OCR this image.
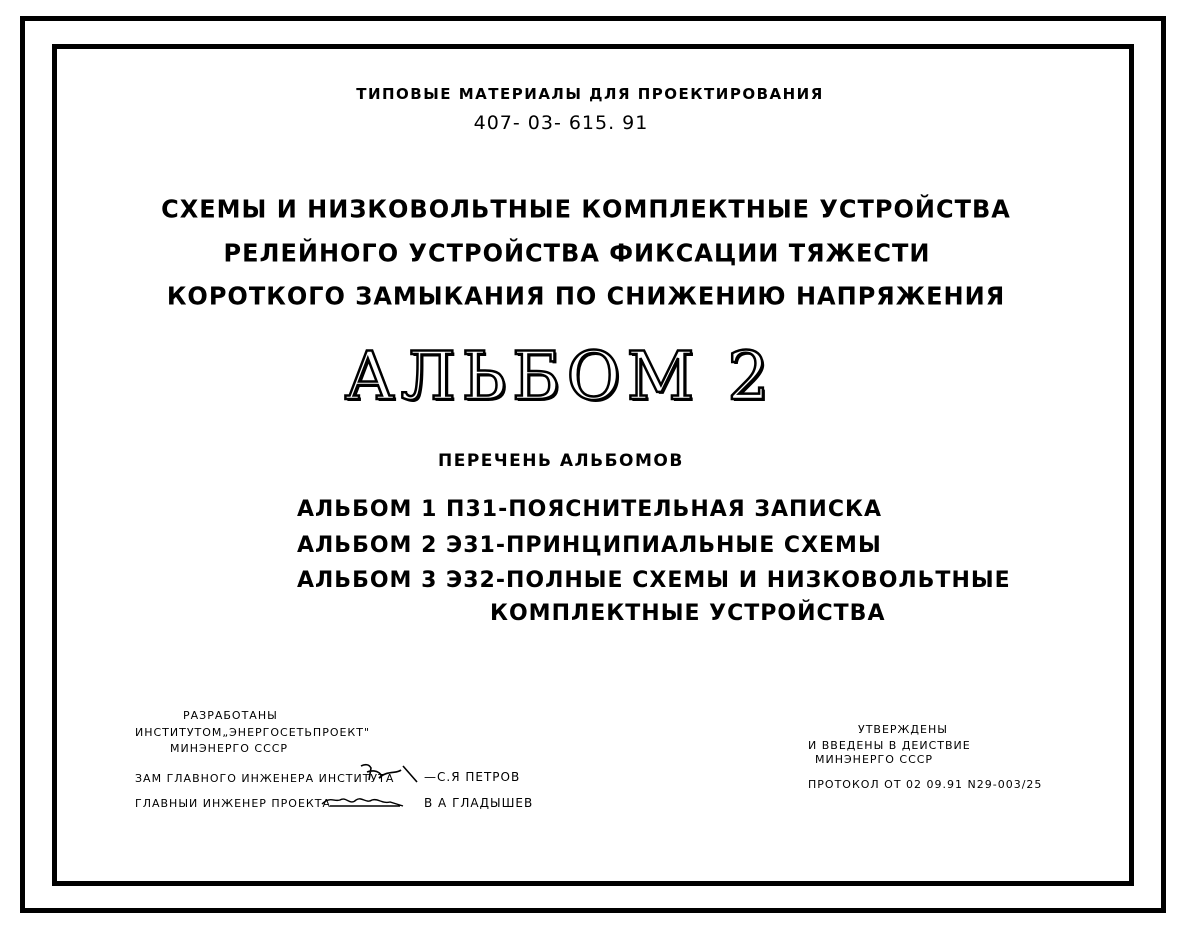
ТИПОВЫЕ МАТЕРИАЛЫ ДЛЯ ПРОЕКТИРОВАНИЯ
407- 03- 615. 91
СХЕМЫ И НИЗКОВОЛЬТНЫЕ КОМПЛЕКТНЫЕ УСТРОЙСТВА
РЕЛЕЙНОГО УСТРОЙСТВА ФИКСАЦИИ ТЯЖЕСТИ
КОРОТКОГО ЗАМЫКАНИЯ ПО СНИЖЕНИЮ НАПРЯЖЕНИЯ
АЛЬБОМ 2
ПЕРЕЧЕНЬ АЛЬБОМОВ
АЛЬБОМ 1 П31-ПОЯСНИТЕЛЬНАЯ ЗАПИСКА
АЛЬБОМ 2 Э31-ПРИНЦИПИАЛЬНЫЕ СХЕМЫ
АЛЬБОМ 3 Э32-ПОЛНЫЕ СХЕМЫ И НИЗКОВОЛЬТНЫЕ
КОМПЛЕКТНЫЕ УСТРОЙСТВА
РАЗРАБОТАНЫ
ИНСТИТУТОМ„ЭНЕРГОСЕТЬПРОЕКТ"
МИНЭНЕРГО СССР
ЗАМ ГЛАВНОГО ИНЖЕНЕРА ИНСТИТУТА —С.Я ПЕТРОВ
ГЛАВНЫИ ИНЖЕНЕР ПРОЕКТА	В А ГЛАДЫШЕВ
УТВЕРЖДЕНЫ
И ВВЕДЕНЫ В ДЕИСТВИЕ
МИНЭНЕРГО СССР
ПРОТОКОЛ ОТ 02 09.91 N29-003/25
